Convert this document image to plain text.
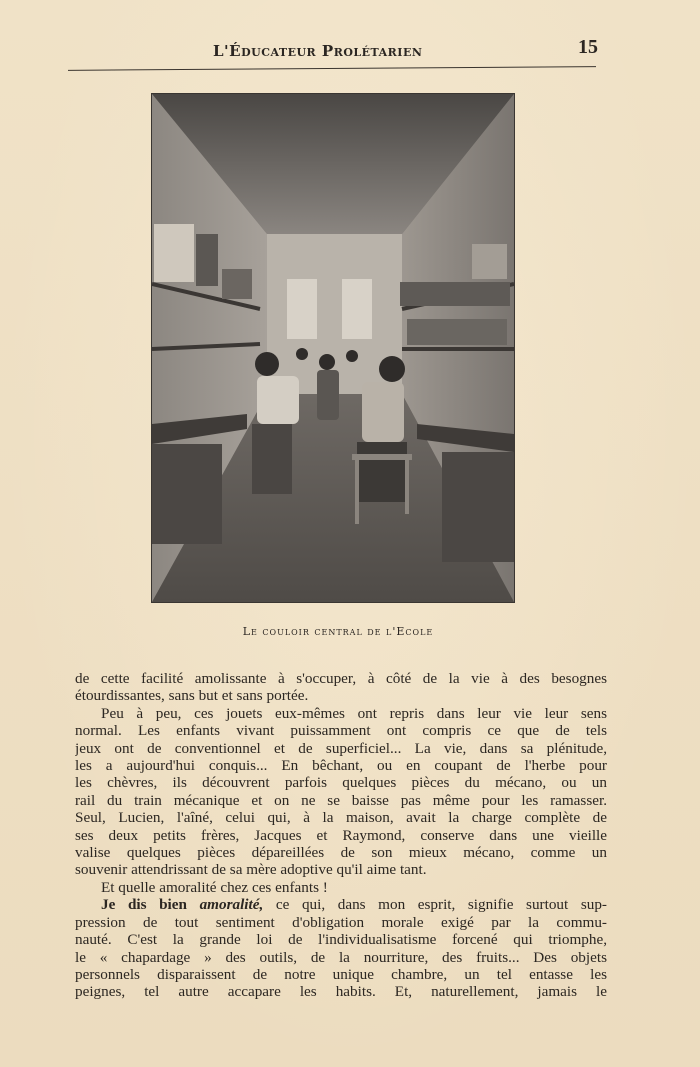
L'Éducateur Prolétarien	15
Le couloir central de l'Ecole
de cette facilité amolissante à s'occuper, à côté de la vie à des besognes
étourdissantes, sans but et sans portée.
Peu à peu, ces jouets eux-mêmes ont repris dans leur vie leur sens
normal. Les enfants vivant puissamment ont compris ce que de tels
jeux ont de conventionnel et de superficiel... La vie, dans sa plénitude,
les a aujourd'hui conquis... En bêchant, ou en coupant de l'herbe pour
les chèvres, ils découvrent parfois quelques pièces du mécano, ou un
rail du train mécanique et on ne se baisse pas même pour les ramasser.
Seul, Lucien, l'aîné, celui qui, à la maison, avait la charge complète de
ses deux petits frères, Jacques et Raymond, conserve dans une vieille
valise quelques pièces dépareillées de son mieux mécano, comme un
souvenir attendrissant de sa mère adoptive qu'il aime tant.
Et quelle amoralité chez ces enfants !
Je dis bien amoralité, ce qui, dans mon esprit, signifie surtout sup-
pression de tout sentiment d'obligation morale exigé par la commu-
nauté. C'est la grande loi de l'individualisatisme forcené qui triomphe,
le « chapardage » des outils, de la nourriture, des fruits... Des objets
personnels disparaissent de notre unique chambre, un tel entasse les
peignes, tel autre accapare les habits. Et, naturellement, jamais le
